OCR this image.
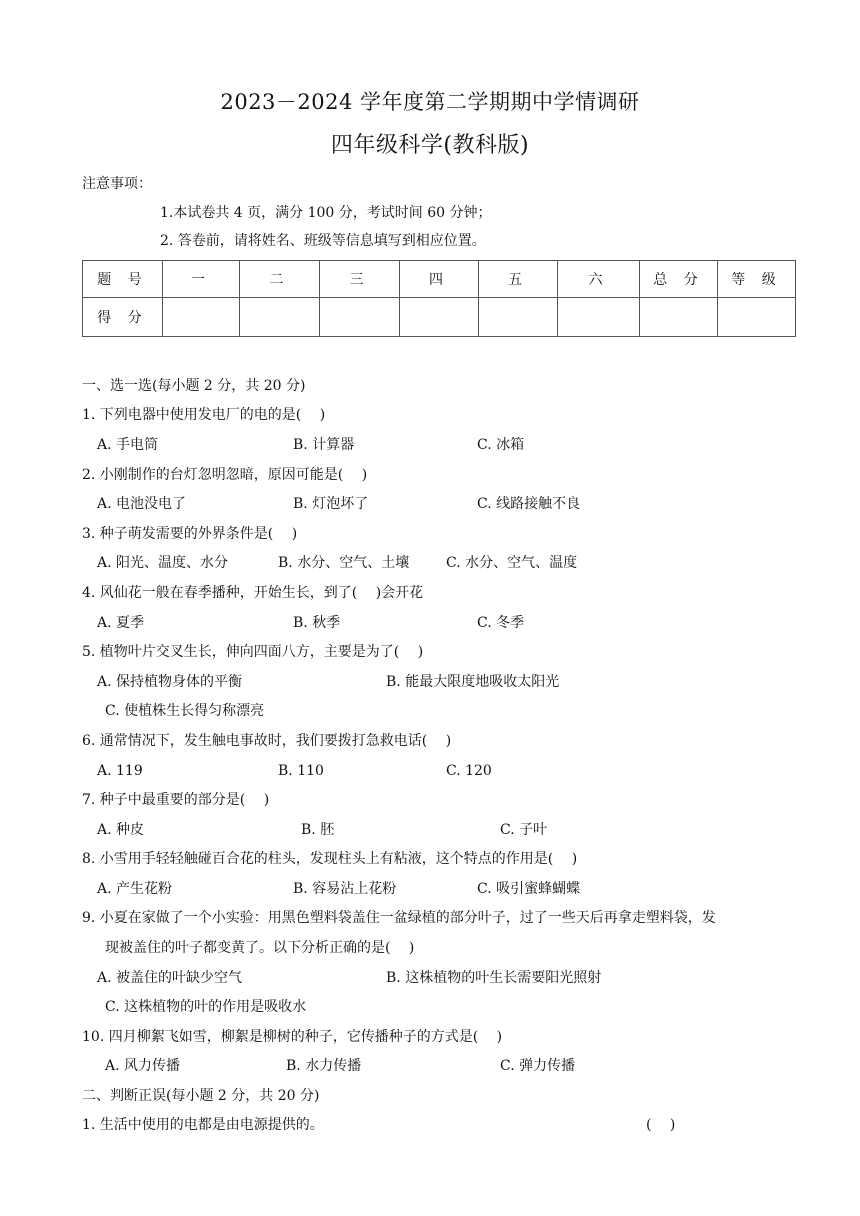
2023－2024 学年度第二学期期中学情调研
四年级科学(教科版)
注意事项：
1.本试卷共 4 页，满分 100 分，考试时间 60 分钟；
2. 答卷前，请将姓名、班级等信息填写到相应位置。
题 号	一	二	三	四	五	六	总 分	等 级
得 分								
一、选一选(每小题 2 分，共 20 分)
1. 下列电器中使用发电厂的电的是(　 )
A. 手电筒	B. 计算器	C. 冰箱
2. 小刚制作的台灯忽明忽暗，原因可能是(　 )
A. 电池没电了	B. 灯泡坏了	C. 线路接触不良
3. 种子萌发需要的外界条件是(　 )
A. 阳光、温度、水分	B. 水分、空气、土壤	C. 水分、空气、温度
4. 风仙花一般在春季播种，开始生长，到了(　 )会开花
A. 夏季	B. 秋季	C. 冬季
5. 植物叶片交叉生长，伸向四面八方，主要是为了(　 )
A. 保持植物身体的平衡	B. 能最大限度地吸收太阳光
C. 使植株生长得匀称漂亮
6. 通常情况下，发生触电事故时，我们要拨打急救电话(　 )
A. 119	B. 110	C. 120
7. 种子中最重要的部分是(　 )
A. 种皮	B. 胚	C. 子叶
8. 小雪用手轻轻触碰百合花的柱头，发现柱头上有粘液，这个特点的作用是(　 )
A. 产生花粉	B. 容易沾上花粉	C. 吸引蜜蜂蝴蝶
9. 小夏在家做了一个小实验：用黑色塑料袋盖住一盆绿植的部分叶子，过了一些天后再拿走塑料袋，发
现被盖住的叶子都变黄了。以下分析正确的是(　 )
A. 被盖住的叶缺少空气	B. 这株植物的叶生长需要阳光照射
C. 这株植物的叶的作用是吸收水
10. 四月柳絮飞如雪，柳絮是柳树的种子，它传播种子的方式是(　 )
A. 风力传播	B. 水力传播	C. 弹力传播
二、判断正误(每小题 2 分，共 20 分)
1. 生活中使用的电都是由电源提供的。	(　 )
